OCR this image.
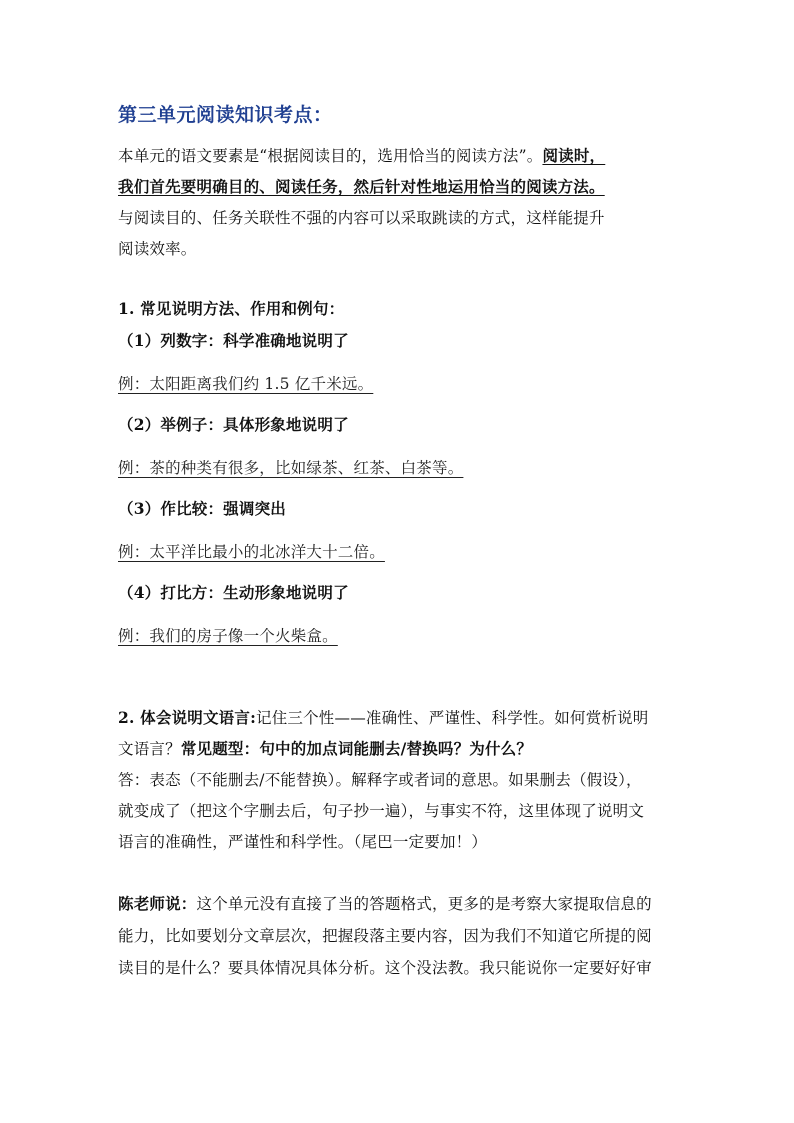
第三单元阅读知识考点：
本单元的语文要素是“根据阅读目的，选用恰当的阅读方法”。阅读时，
我们首先要明确目的、阅读任务，然后针对性地运用恰当的阅读方法。
与阅读目的、任务关联性不强的内容可以采取跳读的方式，这样能提升
阅读效率。
1. 常见说明方法、作用和例句：
（1）列数字：科学准确地说明了
例：太阳距离我们约 1.5 亿千米远。
（2）举例子：具体形象地说明了
例：茶的种类有很多，比如绿茶、红茶、白茶等。
（3）作比较：强调突出
例：太平洋比最小的北冰洋大十二倍。
（4）打比方：生动形象地说明了
例：我们的房子像一个火柴盒。
2. 体会说明文语言:记住三个性——准确性、严谨性、科学性。如何赏析说明
文语言？常见题型：句中的加点词能删去/替换吗？为什么？
答：表态（不能删去/不能替换）。解释字或者词的意思。如果删去（假设），
就变成了（把这个字删去后，句子抄一遍），与事实不符，这里体现了说明文
语言的准确性，严谨性和科学性。（尾巴一定要加！）
陈老师说：这个单元没有直接了当的答题格式，更多的是考察大家提取信息的
能力，比如要划分文章层次，把握段落主要内容，因为我们不知道它所提的阅
读目的是什么？要具体情况具体分析。这个没法教。我只能说你一定要好好审
